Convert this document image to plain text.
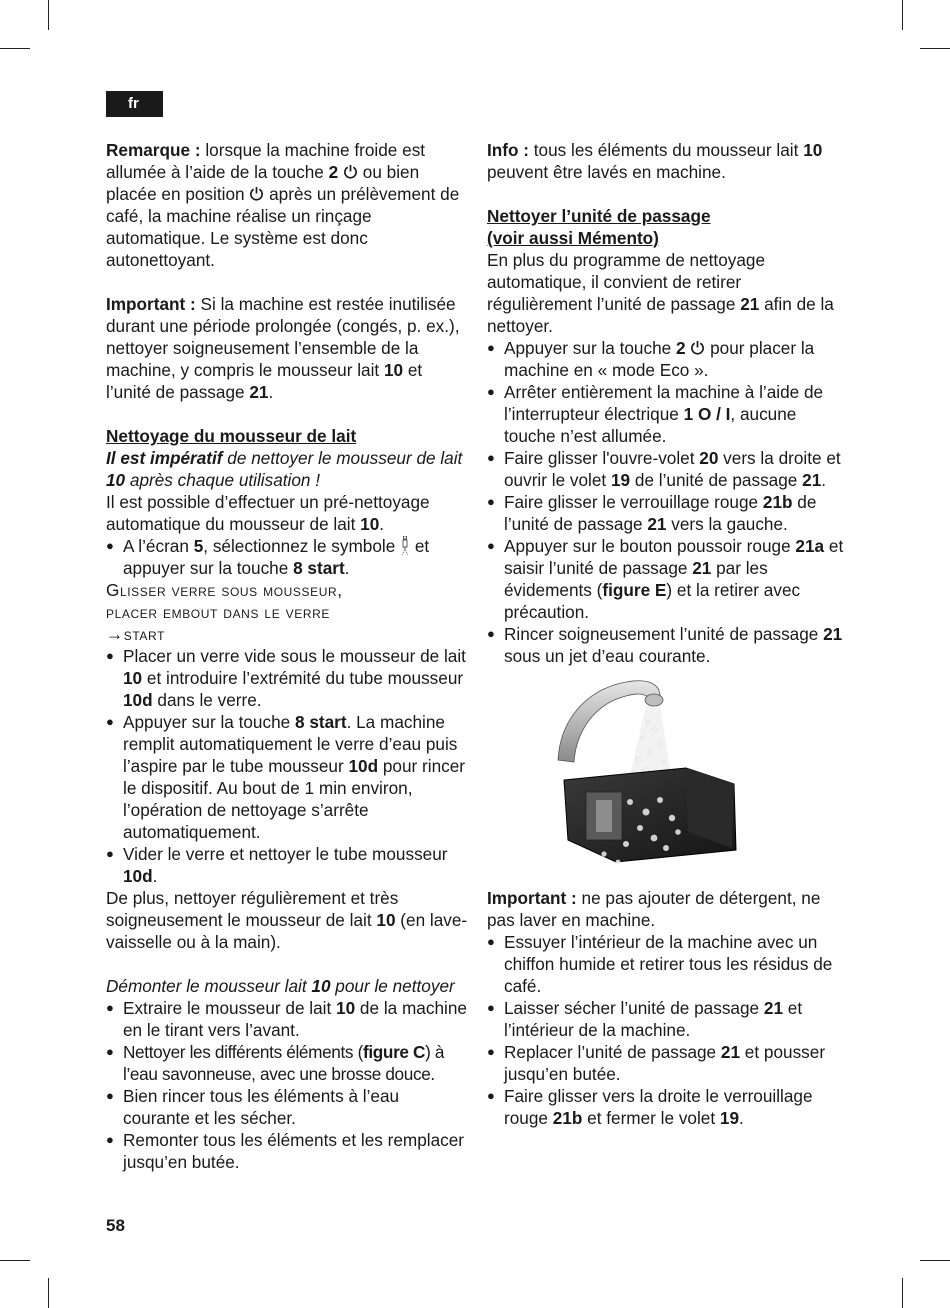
fr

Remarque : lorsque la machine froide est allumée à l’aide de la touche 2  ou bien placée en position  après un prélèvement de café, la machine réalise un rinçage automatique. Le système est donc autonettoyant.

Important : Si la machine est restée inutilisée durant une période prolongée (congés, p. ex.), nettoyer soigneusement l’ensemble de la machine, y compris le mousseur lait 10 et l’unité de passage 21.

Nettoyage du mousseur de lait

Il est impératif de nettoyer le mousseur de lait 10 après chaque utilisation !

Il est possible d’effectuer un pré-nettoyage automatique du mousseur de lait 10.

● A l’écran 5, sélectionnez le symbole  et appuyer sur la touche 8 start.

Glisser verre sous mousseur,

placer embout dans le verre

→start

● Placer un verre vide sous le mousseur de lait 10 et introduire l’extrémité du tube mousseur 10d dans le verre.

● Appuyer sur la touche 8 start. La machine remplit automatiquement le verre d’eau puis l’aspire par le tube mousseur 10d pour rincer le dispositif. Au bout de 1 min environ, l’opération de nettoyage s’arrête automatiquement.

● Vider le verre et nettoyer le tube mousseur 10d.

De plus, nettoyer régulièrement et très soigneusement le mousseur de lait 10 (en lave-vaisselle ou à la main).

Démonter le mousseur lait 10 pour le nettoyer

● Extraire le mousseur de lait 10 de la machine en le tirant vers l’avant.

● Nettoyer les différents éléments (figure C) à l’eau savonneuse, avec une brosse douce.

● Bien rincer tous les éléments à l’eau courante et les sécher.

● Remonter tous les éléments et les remplacer jusqu’en butée.

Info : tous les éléments du mousseur lait 10 peuvent être lavés en machine.

Nettoyer l’unité de passage

(voir aussi Mémento)

En plus du programme de nettoyage automatique, il convient de retirer régulièrement l’unité de passage 21 afin de la nettoyer.

● Appuyer sur la touche 2  pour placer la machine en « mode Eco ».

● Arrêter entièrement la machine à l’aide de l’interrupteur électrique 1 O / I, aucune touche n’est allumée.

● Faire glisser l'ouvre-volet 20 vers la droite et ouvrir le volet 19 de l’unité de passage 21.

● Faire glisser le verrouillage rouge 21b de l’unité de passage 21 vers la gauche.

● Appuyer sur le bouton poussoir rouge 21a et saisir l’unité de passage 21 par les évidements (figure E) et la retirer avec précaution.

● Rincer soigneusement l’unité de passage 21 sous un jet d’eau courante.

Important : ne pas ajouter de détergent, ne pas laver en machine.

● Essuyer l’intérieur de la machine avec un chiffon humide et retirer tous les résidus de café.

● Laisser sécher l’unité de passage 21 et l’intérieur de la machine.

● Replacer l’unité de passage 21 et pousser jusqu’en butée.

● Faire glisser vers la droite le verrouillage rouge 21b et fermer le volet 19.

58
